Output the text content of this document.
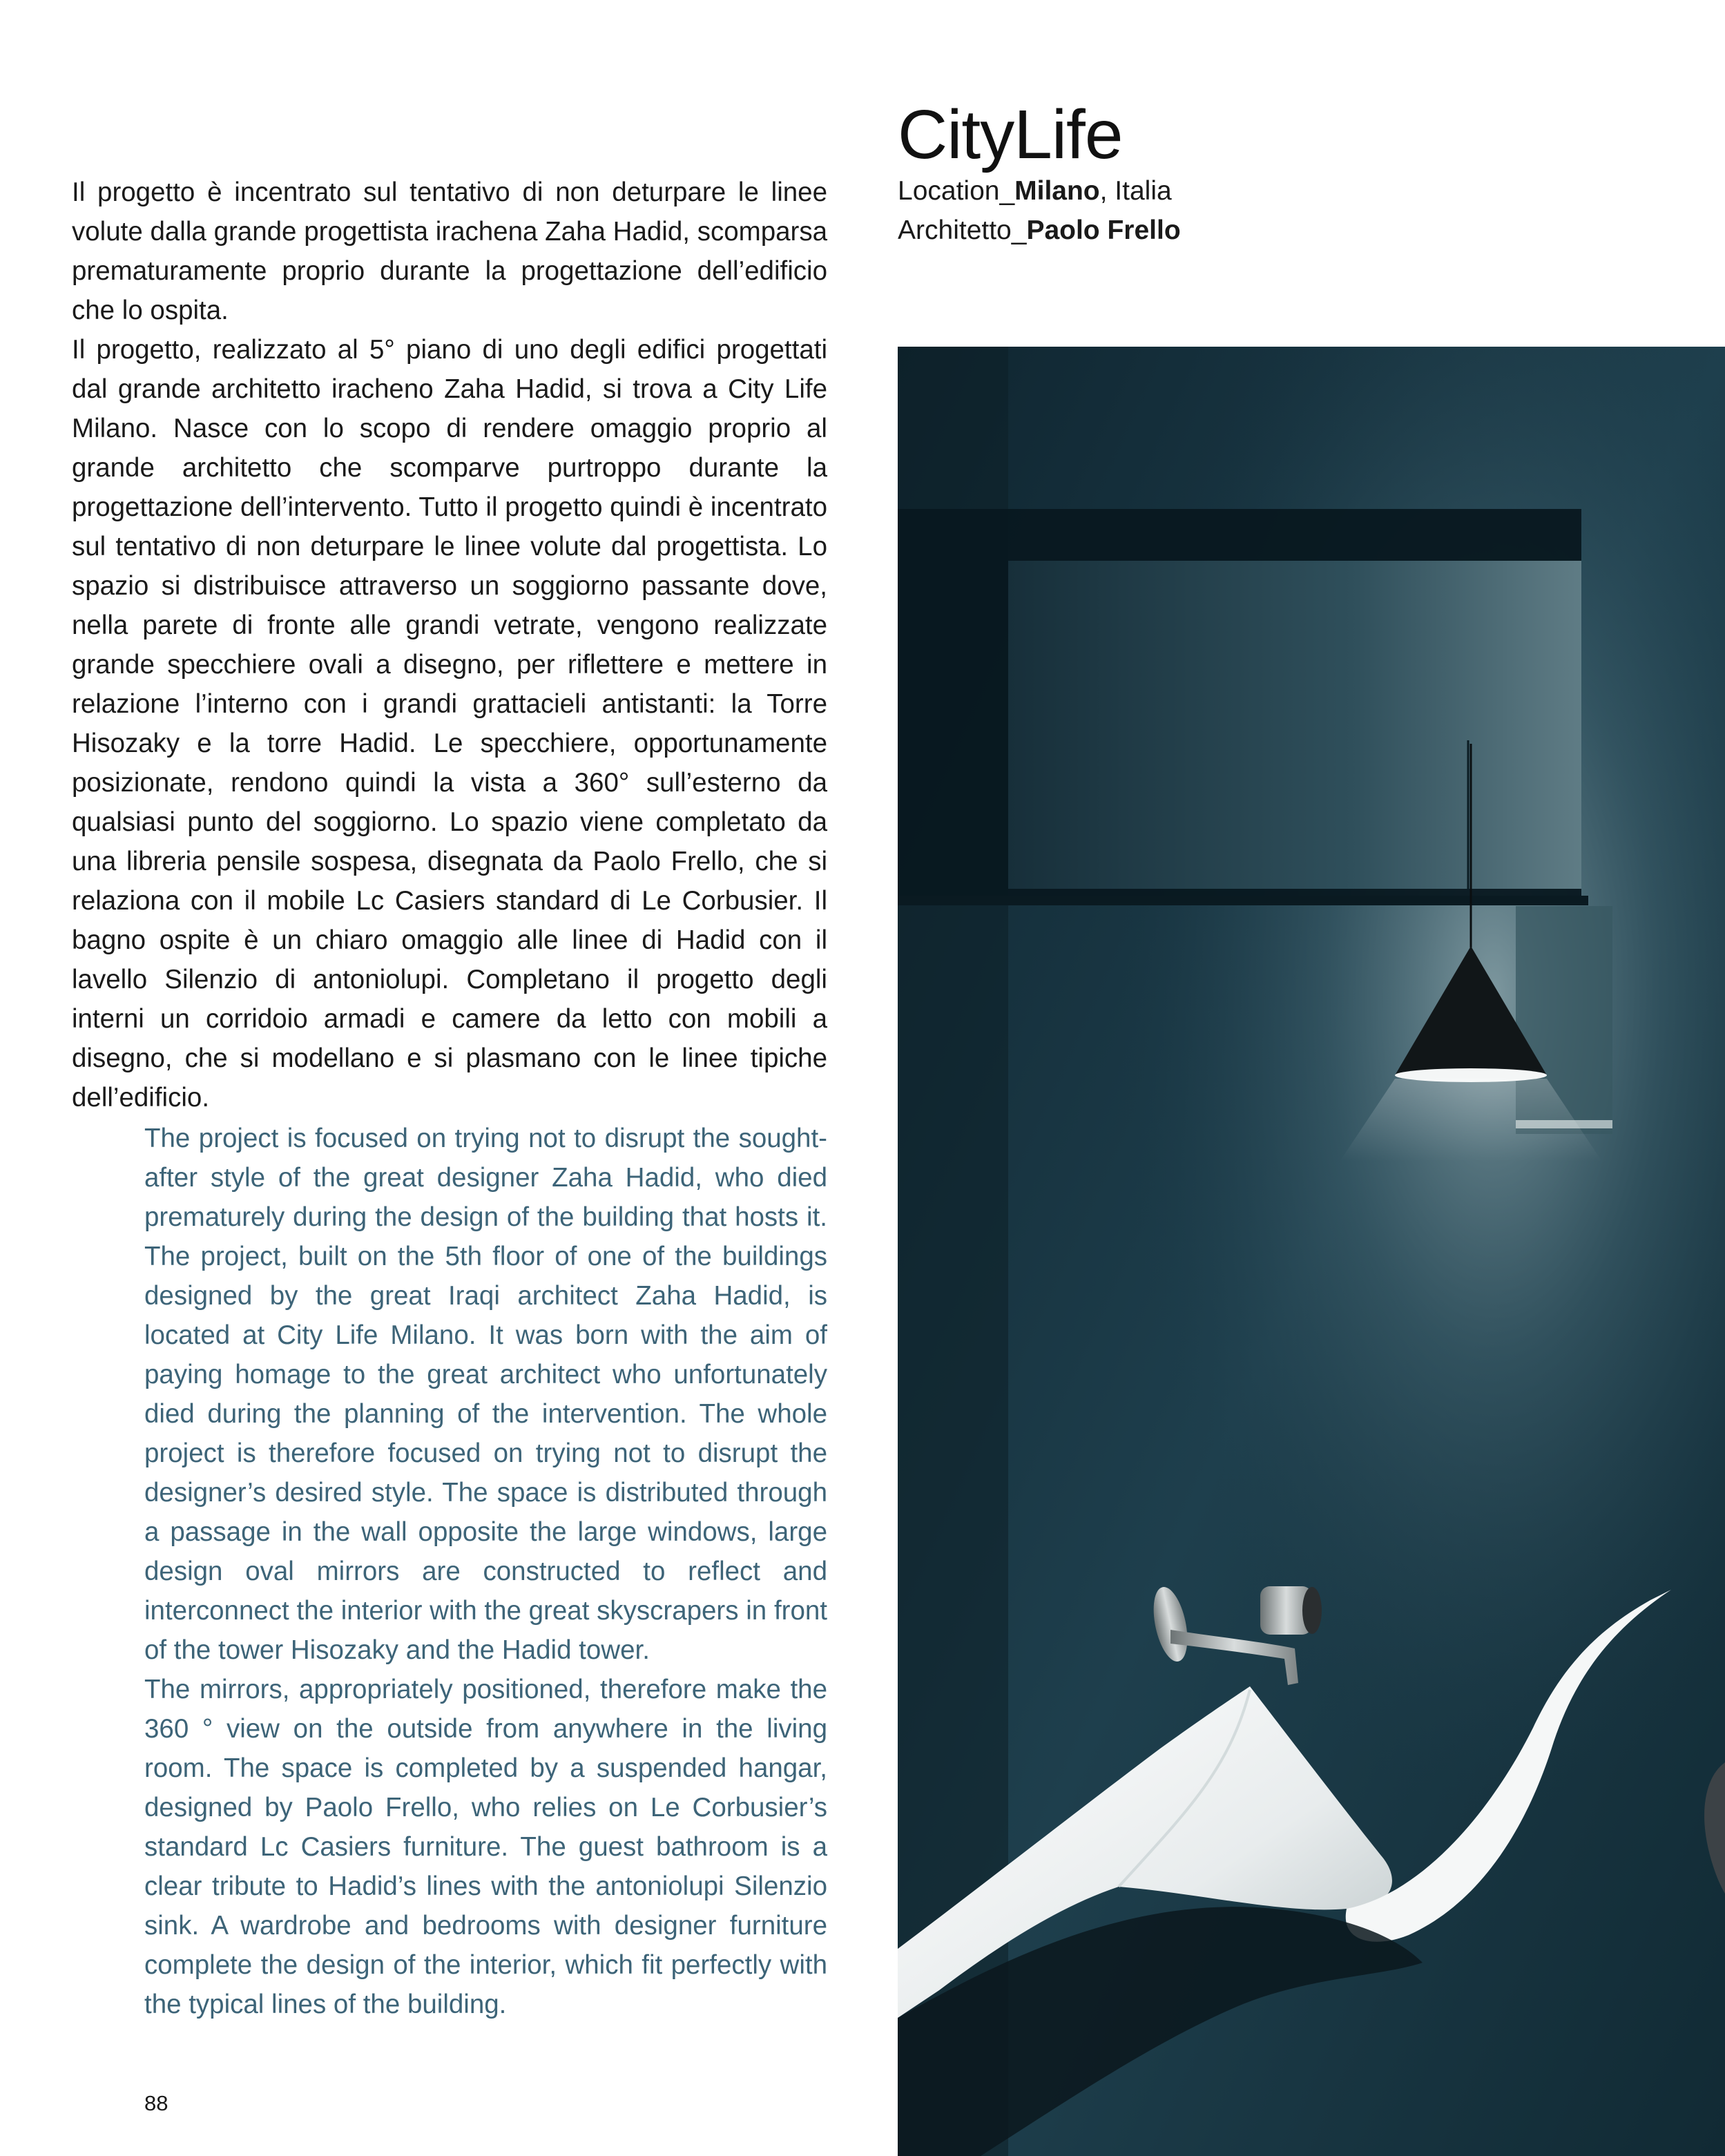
CityLife
Location_Milano, Italia
Architetto_Paolo Frello

Il progetto è incentrato sul tentativo di non deturpare le linee volute dalla grande progettista irachena Zaha Hadid, scomparsa prematuramente proprio durante la progettazione dell’edificio che lo ospita.

Il progetto, realizzato al 5° piano di uno degli edifici progettati dal grande architetto iracheno Zaha Hadid, si trova a City Life Milano. Nasce con lo scopo di rendere omaggio proprio al grande architetto che scomparve purtroppo durante la progettazione dell’intervento. Tutto il progetto quindi è incentrato sul tentativo di non deturpare le linee volute dal progettista. Lo spazio si distribuisce attraverso un soggiorno passante dove, nella parete di fronte alle grandi vetrate, vengono realizzate grande specchiere ovali a disegno, per riflettere e mettere in relazione l’interno con i grandi grattacieli antistanti: la Torre Hisozaky e la torre Hadid. Le specchiere, opportunamente posizionate, rendono quindi la vista a 360° sull’esterno da qualsiasi punto del soggiorno. Lo spazio viene completato da una libreria pensile sospesa, disegnata da Paolo Frello, che si relaziona con il mobile Lc Casiers standard di Le Corbusier. Il bagno ospite è un chiaro omaggio alle linee di Hadid con il lavello Silenzio di antoniolupi. Completano il progetto degli interni un corridoio armadi e camere da letto con mobili a disegno, che si modellano e si plasmano con le linee tipiche dell’edificio.

The project is focused on trying not to disrupt the sought-after style of the great designer Zaha Hadid, who died prematurely during the design of the building that hosts it. The project, built on the 5th floor of one of the buildings designed by the great Iraqi architect Zaha Hadid, is located at City Life Milano. It was born with the aim of paying homage to the great architect who unfortunately died during the planning of the intervention. The whole project is therefore focused on trying not to disrupt the designer’s desired style. The space is distributed through a passage in the wall opposite the large windows, large design oval mirrors are constructed to reflect and interconnect the interior with the great skyscrapers in front of the tower Hisozaky and the Hadid tower.

The mirrors, appropriately positioned, therefore make the 360 ° view on the outside from anywhere in the living room. The space is completed by a suspended hangar, designed by Paolo Frello, who relies on Le Corbusier’s standard Lc Casiers furniture. The guest bathroom is a clear tribute to Hadid’s lines with the antoniolupi Silenzio sink. A wardrobe and bedrooms with designer furniture complete the design of the interior, which fit perfectly with the typical lines of the building.

88
